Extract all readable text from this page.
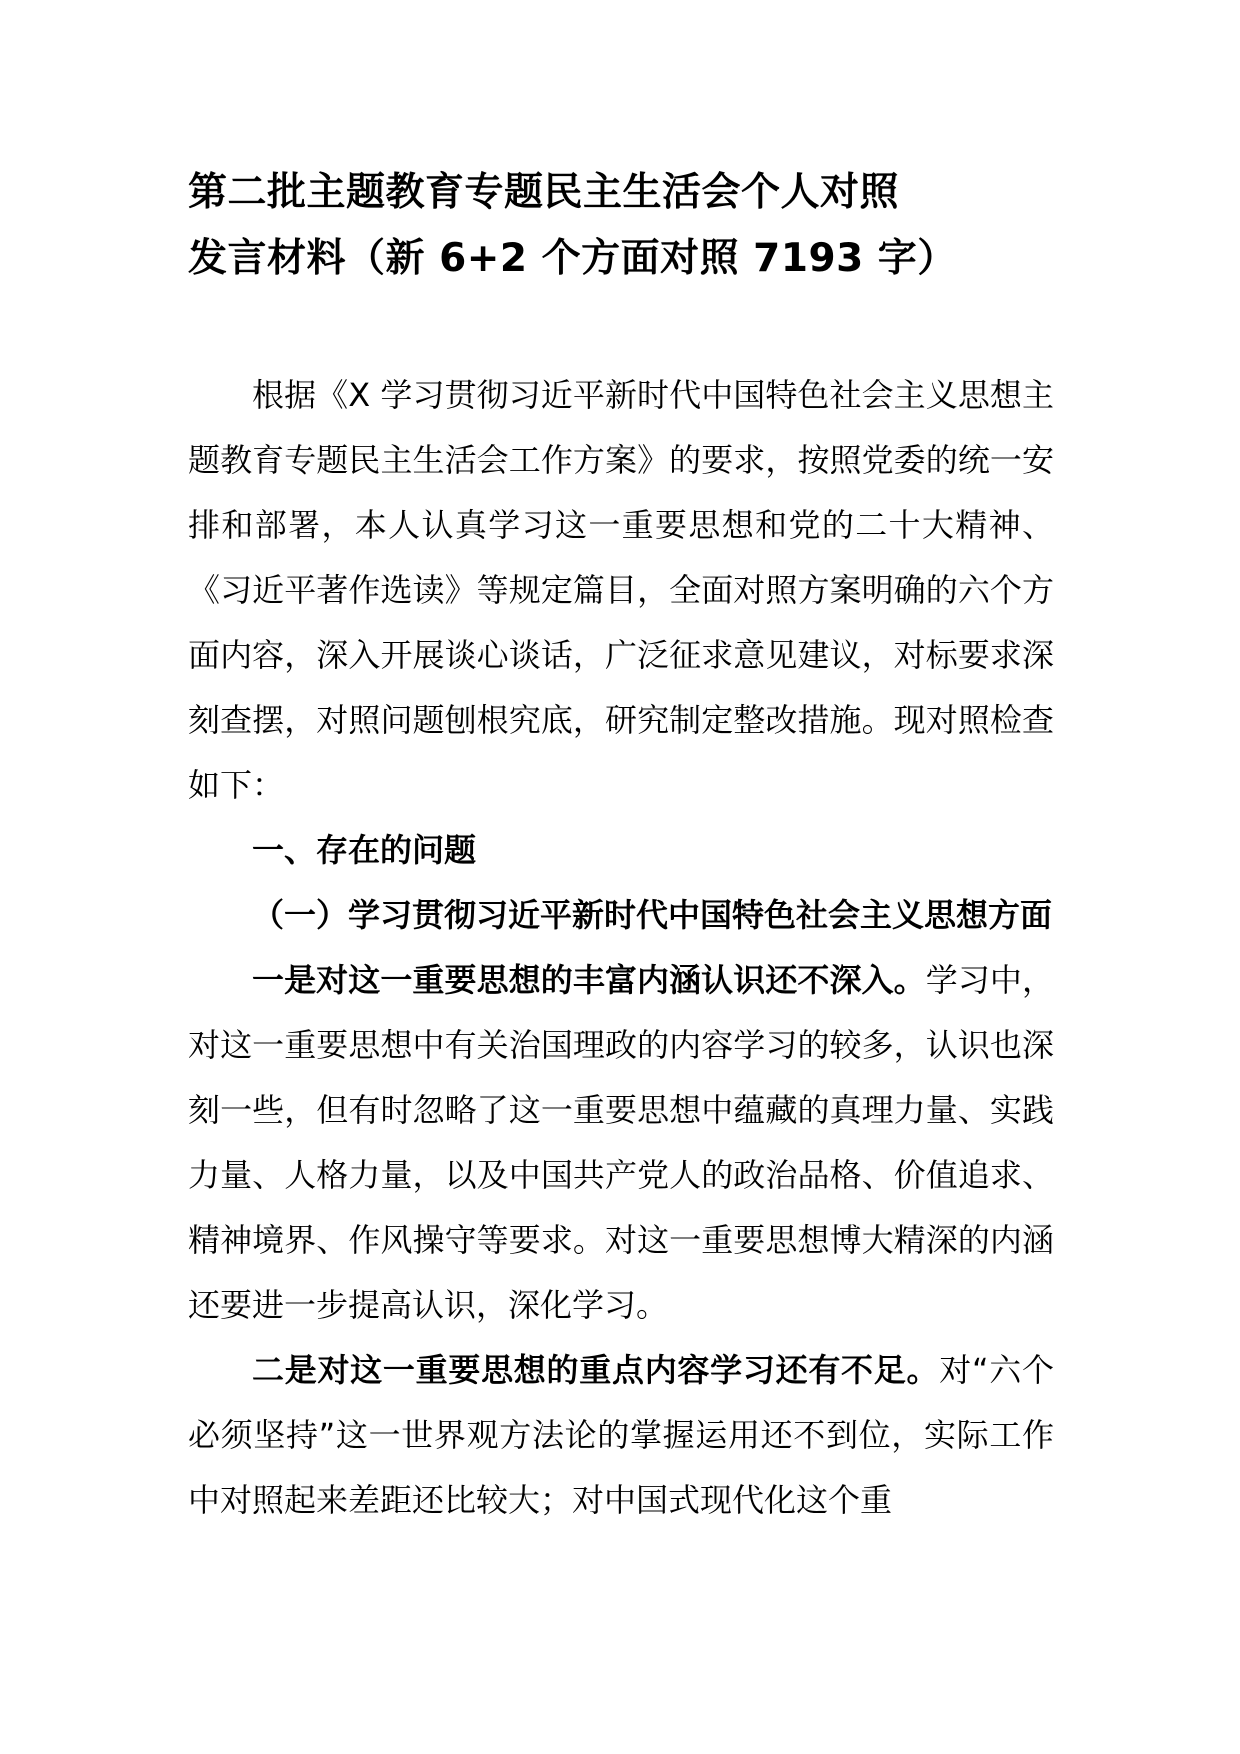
第二批主题教育专题民主生活会个人对照
发言材料（新 6+2 个方面对照 7193 字）

根据《X 学习贯彻习近平新时代中国特色社会主义思想主题教育专题民主生活会工作方案》的要求，按照党委的统一安排和部署，本人认真学习这一重要思想和党的二十大精神、《习近平著作选读》等规定篇目，全面对照方案明确的六个方面内容，深入开展谈心谈话，广泛征求意见建议，对标要求深刻查摆，对照问题刨根究底，研究制定整改措施。现对照检查如下：

一、存在的问题

（一）学习贯彻习近平新时代中国特色社会主义思想方面

一是对这一重要思想的丰富内涵认识还不深入。学习中，对这一重要思想中有关治国理政的内容学习的较多，认识也深刻一些，但有时忽略了这一重要思想中蕴藏的真理力量、实践力量、人格力量，以及中国共产党人的政治品格、价值追求、精神境界、作风操守等要求。对这一重要思想博大精深的内涵还要进一步提高认识，深化学习。

二是对这一重要思想的重点内容学习还有不足。对“六个必须坚持”这一世界观方法论的掌握运用还不到位，实际工作中对照起来差距还比较大；对中国式现代化这个重
